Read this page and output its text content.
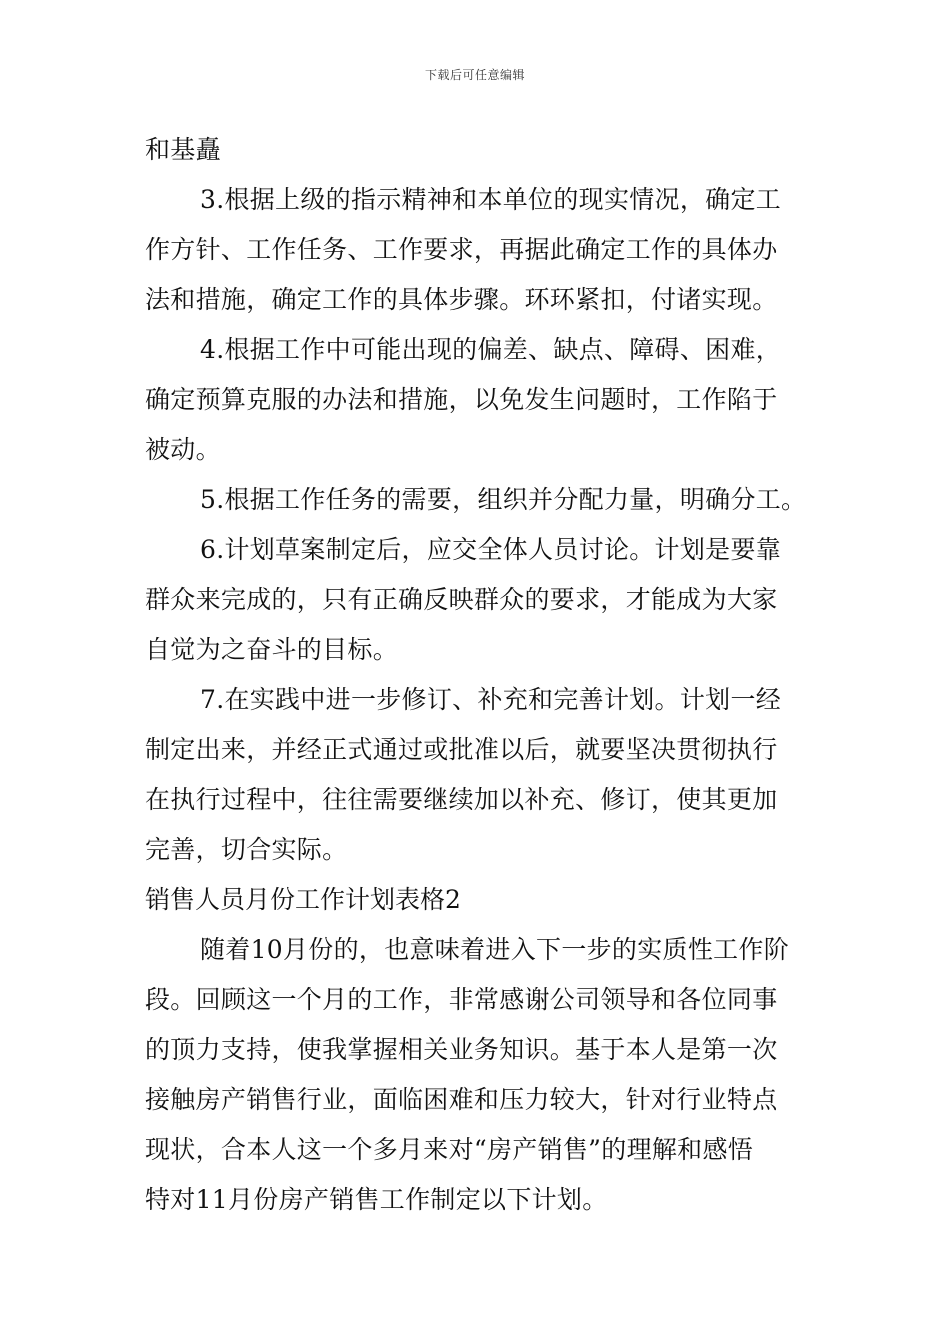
下载后可任意编辑
和基矗
3.根据上级的指示精神和本单位的现实情况，确定工
作方针、工作任务、工作要求，再据此确定工作的具体办
法和措施，确定工作的具体步骤。环环紧扣，付诸实现。
4.根据工作中可能出现的偏差、缺点、障碍、困难，
确定预算克服的办法和措施，以免发生问题时，工作陷于
被动。
5.根据工作任务的需要，组织并分配力量，明确分工。
6.计划草案制定后，应交全体人员讨论。计划是要靠
群众来完成的，只有正确反映群众的要求，才能成为大家
自觉为之奋斗的目标。
7.在实践中进一步修订、补充和完善计划。计划一经
制定出来，并经正式通过或批准以后，就要坚决贯彻执行
在执行过程中，往往需要继续加以补充、修订，使其更加
完善，切合实际。
销售人员月份工作计划表格2
随着10月份的，也意味着进入下一步的实质性工作阶
段。回顾这一个月的工作，非常感谢公司领导和各位同事
的顶力支持，使我掌握相关业务知识。基于本人是第一次
接触房产销售行业，面临困难和压力较大，针对行业特点
现状，合本人这一个多月来对“房产销售”的理解和感悟
特对11月份房产销售工作制定以下计划。
